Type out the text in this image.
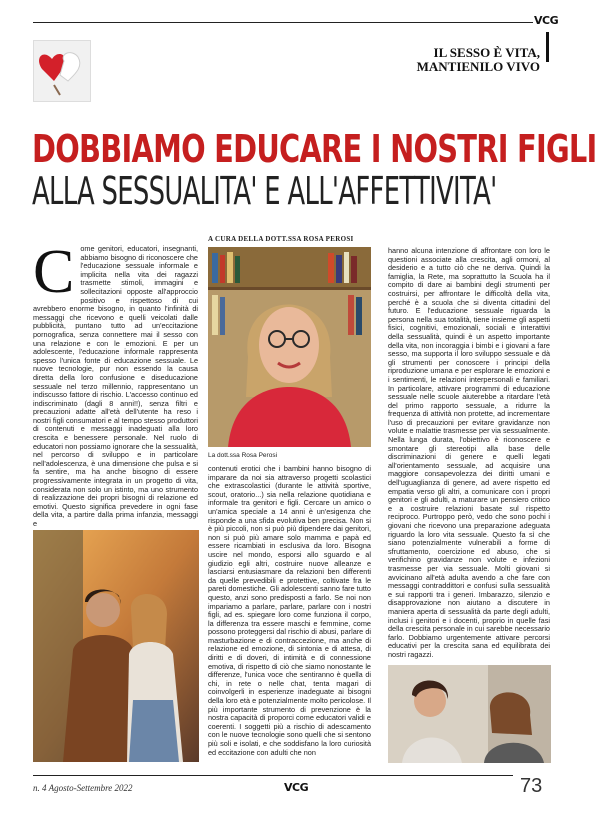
VCG
IL SESSO È VITA,
MANTIENILO VIVO
DOBBIAMO EDUCARE I NOSTRI FIGLI
ALLA SESSUALITA' E ALL'AFFETTIVITA'
A CURA DELLA DOTT.SSA ROSA PEROSI
C ome genitori, educatori, insegnanti, abbiamo bisogno di riconoscere che l'educazione sessuale informale e implicita nella vita dei ragazzi trasmette stimoli, immagini e sollecitazioni opposte all'approccio positivo e rispettoso di cui avrebbero enorme bisogno, in quanto l'infinità di messaggi che ricevono e quelli veicolati dalle pubblicità, puntano tutto ad un'eccitazione pornografica, senza connettere mai il sesso con una relazione e con le emozioni. E per un adolescente, l'educazione informale rappresenta spesso l'unica fonte di educazione sessuale. Le nuove tecnologie, pur non essendo la causa diretta della loro confusione e diseducazione sessuale nel terzo millennio, rappresentano un indiscusso fattore di rischio. L'accesso continuo ed indiscriminato (dagli 8 anni!!), senza filtri e precauzioni adatte all'età dell'utente ha reso i nostri figli consumatori e al tempo stesso produttori di contenuti e messaggi inadeguati alla loro crescita e benessere personale. Nel ruolo di educatori non possiamo ignorare che la sessualità, nel percorso di sviluppo e in particolare nell'adolescenza, è una dimensione che pulsa e si fa sentire, ma ha anche bisogno di essere progressivamente integrata in un progetto di vita, considerata non solo un istinto, ma uno strumento di realizzazione dei propri bisogni di relazione ed emotivi. Questo significa prevedere in ogni fase della vita, a partire dalla prima infanzia, messaggi e
La dott.ssa Rosa Perosi
contenuti erotici che i bambini hanno bisogno di imparare da noi sia attraverso progetti scolastici che extrascolastici (durante le attività sportive, scout, oratorio...) sia nella relazione quotidiana e informale tra genitori e figli. Cercare un amico o un'amica speciale a 14 anni è un'esigenza che risponde a una sfida evolutiva ben precisa. Non si è più piccoli, non si può più dipendere dai genitori, non si può più amare solo mamma e papà ed essere ricambiati in esclusiva da loro. Bisogna uscire nel mondo, esporsi allo sguardo e al giudizio egli altri, costruire nuove alleanze e lasciarsi entusiasmare da relazioni ben differenti da quelle prevedibili e protettive, coltivate fra le pareti domestiche. Gli adolescenti sanno fare tutto questo, anzi sono predisposti a farlo. Se noi non impariamo a parlare, parlare, parlare con i nostri figli, ad es. spiegare loro come funziona il corpo, la differenza tra essere maschi e femmine, come possono proteggersi dal rischio di abusi, parlare di masturbazione e di contraccezione, ma anche di relazione ed emozione, di sintonia e di attesa, di diritti e di doveri, di intimità e di connessione emotiva, di rispetto di ciò che siamo nonostante le differenze, l'unica voce che sentiranno è quella di chi, in rete o nelle chat, tenta magari di coinvolgerli in esperienze inadeguate ai bisogni della loro età e potenzialmente molto pericolose. Il più importante strumento di prevenzione è la nostra capacità di proporci come educatori validi e coerenti. I soggetti più a rischio di adescamento con le nuove tecnologie sono quelli che si sentono più soli e isolati, e che soddisfano la loro curiosità ed eccitazione con adulti che non
hanno alcuna intenzione di affrontare con loro le questioni associate alla crescita, agli ormoni, al desiderio e a tutto ciò che ne deriva. Quindi la famiglia, la Rete, ma soprattutto la Scuola ha il compito di dare ai bambini degli strumenti per costruirsi, per affrontare le difficoltà della vita, perché è a scuola che si diventa cittadini del futuro. E l'educazione sessuale riguarda la persona nella sua totalità, tiene insieme gli aspetti fisici, cognitivi, emozionali, sociali e interattivi della sessualità, quindi è un aspetto importante della vita, non incoraggia i bimbi e i giovani a fare sesso, ma supporta il loro sviluppo sessuale e dà gli strumenti per conoscere i principi della riproduzione umana e per esplorare le emozioni e i sentimenti, le relazioni interpersonali e familiari. In particolare, attivare programmi di educazione sessuale nelle scuole aiuterebbe a ritardare l'età del primo rapporto sessuale, a ridurre la frequenza di attività non protette, ad incrementare l'uso di precauzioni per evitare gravidanze non volute e malattie trasmesse per via sessualmente. Nella lunga durata, l'obiettivo è riconoscere e smontare gli stereotipi alla base delle discriminazioni di genere e quelli legati all'orientamento sessuale, ad acquisire una maggiore consapevolezza dei diritti umani e dell'uguaglianza di genere, ad avere rispetto ed empatia verso gli altri, a comunicare con i propri genitori e gli adulti, a maturare un pensiero critico e a costruire relazioni basate sul rispetto reciproco. Purtroppo però, vedo che sono pochi i giovani che ricevono una preparazione adeguata riguardo la loro vita sessuale. Questo fa sì che siano potenzialmente vulnerabili a forme di sfruttamento, coercizione ed abuso, che si verifichino gravidanze non volute e infezioni trasmesse per via sessuale. Molti giovani si avvicinano all'età adulta avendo a che fare con messaggi contraddittori e confusi sulla sessualità e sui rapporti tra i generi. Imbarazzo, silenzio e disapprovazione non aiutano a discutere in maniera aperta di sessualità da parte degli adulti, inclusi i genitori e i docenti, proprio in quelle fasi della crescita personale in cui sarebbe necessario farlo. Dobbiamo urgentemente attivare percorsi educativi per la crescita sana ed equilibrata dei nostri ragazzi.
n. 4 Agosto-Settembre 2022	VCG	73
